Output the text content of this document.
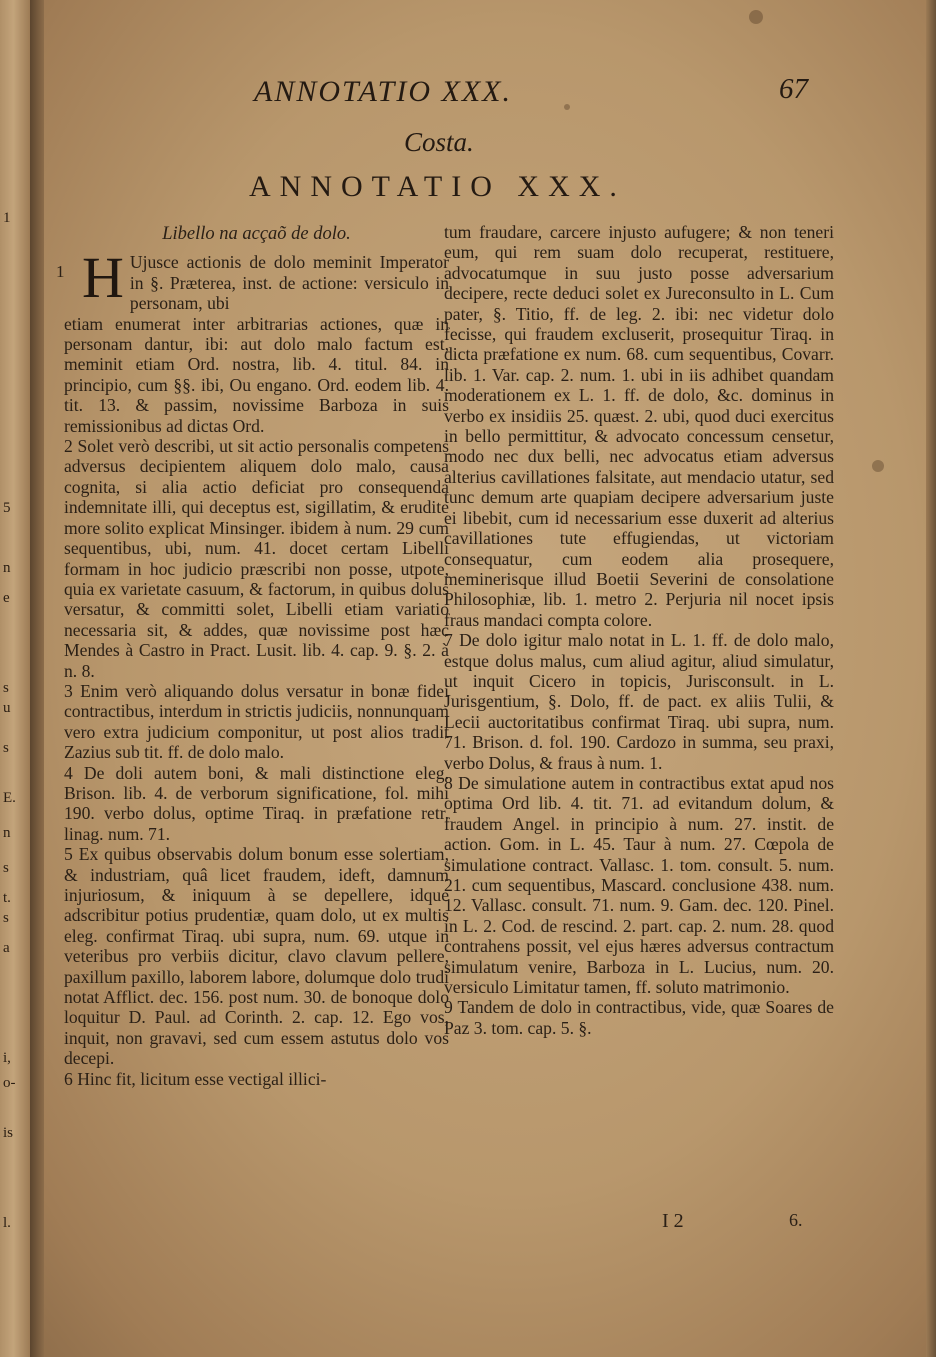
1
5
n
e
s
u
s
E.
n
s
t.
s
a
i,
o-
is
l.
ANNOTATIO XXX.	67
Costa.
ANNOTATIO XXX.
Libello na acçaõ de dolo.
1 H Ujusce actionis de dolo meminit Imperator in §. Præterea, inst. de actione: versiculo in personam, ubi
etiam enumerat inter arbitrarias actiones, quæ in personam dantur, ibi: aut dolo malo factum est, meminit etiam Ord. nostra, lib. 4. titul. 84. in principio, cum §§. ibi, Ou engano. Ord. eodem lib. 4. tit. 13. & passim, novissime Barboza in suis remissionibus ad dictas Ord.

2 Solet verò describi, ut sit actio personalis competens adversus decipientem aliquem dolo malo, causa cognita, si alia actio deficiat pro consequenda indemnitate illi, qui deceptus est, sigillatim, & erudite more solito explicat Minsinger. ibidem à num. 29 cum sequentibus, ubi, num. 41. docet certam Libelli formam in hoc judicio præscribi non posse, utpote, quia ex varietate casuum, & factorum, in quibus dolus versatur, & committi solet, Libelli etiam variatio necessaria sit, & addes, quæ novissime post hæc Mendes à Castro in Pract. Lusit. lib. 4. cap. 9. §. 2. à n. 8.

3 Enim verò aliquando dolus versatur in bonæ fidei contractibus, interdum in strictis judiciis, nonnunquam vero extra judicium componitur, ut post alios tradit Zazius sub tit. ff. de dolo malo.

4 De doli autem boni, & mali distinctione eleg. Brison. lib. 4. de verborum significatione, fol. mihi 190. verbo dolus, optime Tiraq. in præfatione retr. linag. num. 71.

5 Ex quibus observabis dolum bonum esse solertiam, & industriam, quâ licet fraudem, ideft, damnum injuriosum, & iniquum à se depellere, idque adscribitur potius prudentiæ, quam dolo, ut ex multis eleg. confirmat Tiraq. ubi supra, num. 69. utque in veteribus pro verbiis dicitur, clavo clavum pellere, paxillum paxillo, laborem labore, dolumque dolo trudi notat Afflict. dec. 156. post num. 30. de bonoque dolo loquitur D. Paul. ad Corinth. 2. cap. 12. Ego vos, inquit, non gravavi, sed cum essem astutus dolo vos decepi.

6 Hinc fit, licitum esse vectigal illici-

tum fraudare, carcere injusto aufugere; & non teneri eum, qui rem suam dolo recuperat, restituere, advocatumque in suu justo posse adversarium decipere, recte deduci solet ex Jureconsulto in L. Cum pater, §. Titio, ff. de leg. 2. ibi: nec videtur dolo fecisse, qui fraudem excluserit, prosequitur Tiraq. in dicta præfatione ex num. 68. cum sequentibus, Covarr. lib. 1. Var. cap. 2. num. 1. ubi in iis adhibet quandam moderationem ex L. 1. ff. de dolo, &c. dominus in verbo ex insidiis 25. quæst. 2. ubi, quod duci exercitus in bello permittitur, & advocato concessum censetur, modo nec dux belli, nec advocatus etiam adversus alterius cavillationes falsitate, aut mendacio utatur, sed tunc demum arte quapiam decipere adversarium juste ei libebit, cum id necessarium esse duxerit ad alterius cavillationes tute effugiendas, ut victoriam consequatur, cum eodem alia prosequere, meminerisque illud Boetii Severini de consolatione Philosophiæ, lib. 1. metro 2. Perjuria nil nocet ipsis fraus mandaci compta colore.

7 De dolo igitur malo notat in L. 1. ff. de dolo malo, estque dolus malus, cum aliud agitur, aliud simulatur, ut inquit Cicero in topicis, Jurisconsult. in L. Jurisgentium, §. Dolo, ff. de pact. ex aliis Tulii, & Lecii auctoritatibus confirmat Tiraq. ubi supra, num. 71. Brison. d. fol. 190. Cardozo in summa, seu praxi, verbo Dolus, & fraus à num. 1.

8 De simulatione autem in contractibus extat apud nos optima Ord lib. 4. tit. 71. ad evitandum dolum, & fraudem Angel. in principio à num. 27. instit. de action. Gom. in L. 45. Taur à num. 27. Cœpola de simulatione contract. Vallasc. 1. tom. consult. 5. num. 21. cum sequentibus, Mascard. conclusione 438. num. 12. Vallasc. consult. 71. num. 9. Gam. dec. 120. Pinel. in L. 2. Cod. de rescind. 2. part. cap. 2. num. 28. quod contrahens possit, vel ejus hæres adversus contractum simulatum venire, Barboza in L. Lucius, num. 20. versiculo Limitatur tamen, ff. soluto matrimonio.

9 Tandem de dolo in contractibus, vide, quæ Soares de Paz 3. tom. cap. 5. §.

I 2	6.
